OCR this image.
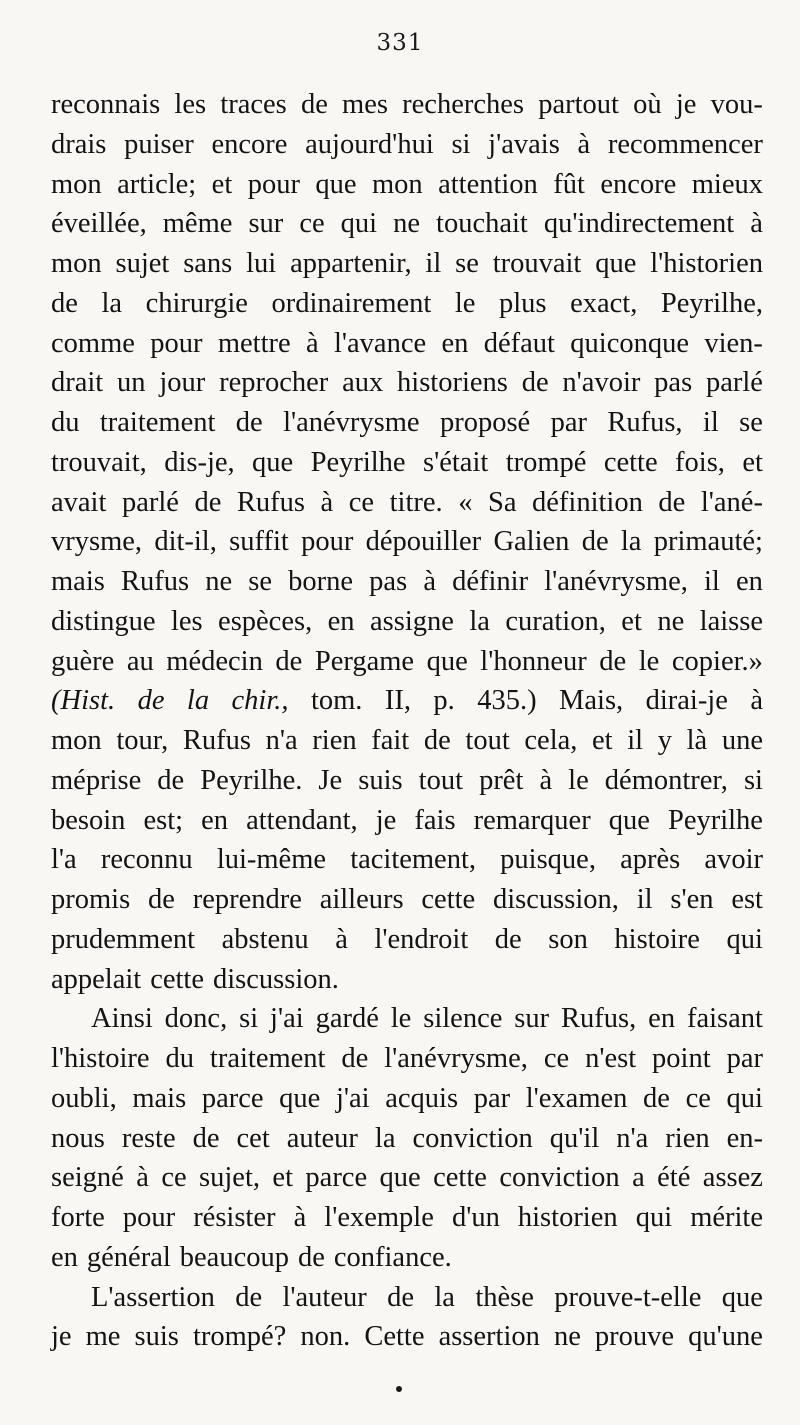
331
reconnais les traces de mes recherches partout où je vou-
drais puiser encore aujourd'hui si j'avais à recommencer
mon article; et pour que mon attention fût encore mieux
éveillée, même sur ce qui ne touchait qu'indirectement à
mon sujet sans lui appartenir, il se trouvait que l'historien
de la chirurgie ordinairement le plus exact, Peyrilhe,
comme pour mettre à l'avance en défaut quiconque vien-
drait un jour reprocher aux historiens de n'avoir pas parlé
du traitement de l'anévrysme proposé par Rufus, il se
trouvait, dis-je, que Peyrilhe s'était trompé cette fois, et
avait parlé de Rufus à ce titre. « Sa définition de l'ané-
vrysme, dit-il, suffit pour dépouiller Galien de la primauté;
mais Rufus ne se borne pas à définir l'anévrysme, il en
distingue les espèces, en assigne la curation, et ne laisse
guère au médecin de Pergame que l'honneur de le copier.»
(Hist. de la chir., tom. II, p. 435.) Mais, dirai-je à
mon tour, Rufus n'a rien fait de tout cela, et il y là une
méprise de Peyrilhe. Je suis tout prêt à le démontrer, si
besoin est; en attendant, je fais remarquer que Peyrilhe
l'a reconnu lui-même tacitement, puisque, après avoir
promis de reprendre ailleurs cette discussion, il s'en est
prudemment abstenu à l'endroit de son histoire qui
appelait cette discussion.
Ainsi donc, si j'ai gardé le silence sur Rufus, en faisant
l'histoire du traitement de l'anévrysme, ce n'est point par
oubli, mais parce que j'ai acquis par l'examen de ce qui
nous reste de cet auteur la conviction qu'il n'a rien en-
seigné à ce sujet, et parce que cette conviction a été assez
forte pour résister à l'exemple d'un historien qui mérite
en général beaucoup de confiance.
L'assertion de l'auteur de la thèse prouve-t-elle que
je me suis trompé? non. Cette assertion ne prouve qu'une
